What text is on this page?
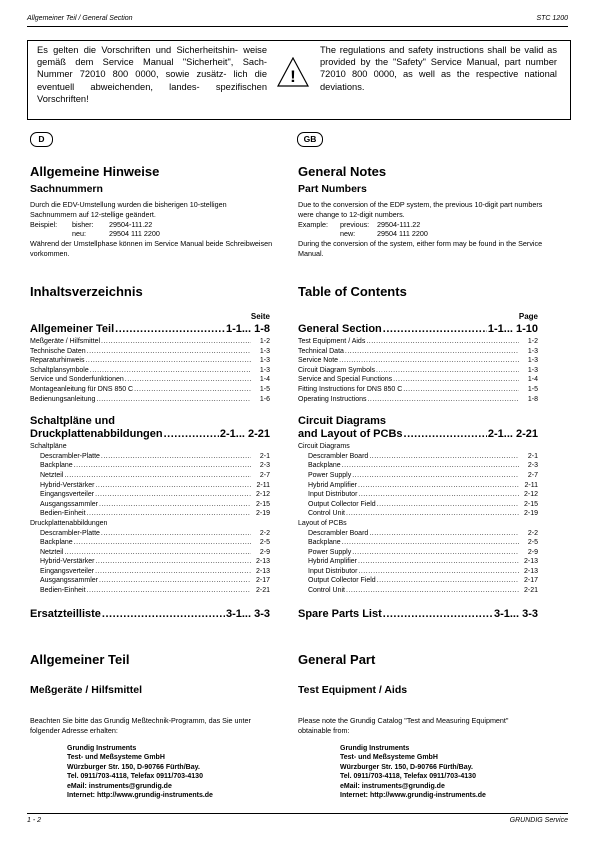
Allgemeiner Teil / General Section	STC 1200
Es gelten die Vorschriften und Sicherheitshin- weise gemäß dem Service Manual "Sicherheit", Sach-Nummer 72010 800 0000, sowie zusätz- lich die eventuell abweichenden, landes- spezifischen Vorschriften!
The regulations and safety instructions shall be valid as provided by the "Safety" Service Manual, part number 72010 800 0000, as well as the respective national deviations.
!
D	GB
Allgemeine Hinweise
Sachnummern
Durch die EDV-Umstellung wurden die bisherigen 10-stelligen Sachnummern auf 12-stellige geändert.
Beispiel:	bisher:	29504-111.22
neu:	29504 111 2200
Während der Umstellphase können im Service Manual beide Schreibweisen vorkommen.
Inhaltsverzeichnis
Seite
Allgemeiner Teil .....	1-1... 1-8
Meßgeräte / Hilfsmittel .....	1-2
Technische Daten .....	1-3
Reparaturhinweis .....	1-3
Schaltplansymbole .....	1-3
Service und Sonderfunktionen .....	1-4
Montageanleitung für DNS 850 C .....	1-5
Bedienungsanleitung .....	1-6
Schaltpläne und
Druckplattenabbildungen .....	2-1... 2-21
Schaltpläne
Descrambler-Platte .....	2-1
Backplane .....	2-3
Netzteil .....	2-7
Hybrid-Verstärker .....	2-11
Eingangsverteiler .....	2-12
Ausgangssammler .....	2-15
Bedien-Einheit .....	2-19
Druckplattenabbildungen
Descrambler-Platte .....	2-2
Backplane .....	2-5
Netzteil .....	2-9
Hybrid-Verstärker .....	2-13
Eingangsverteiler .....	2-13
Ausgangssammler .....	2-17
Bedien-Einheit .....	2-21
Ersatzteilliste .....	3-1... 3-3
Allgemeiner Teil
Meßgeräte / Hilfsmittel
Beachten Sie bitte das Grundig Meßtechnik-Programm, das Sie unter folgender Adresse erhalten:
Grundig Instruments
Test- und Meßsysteme GmbH
Würzburger Str. 150, D-90766 Fürth/Bay.
Tel. 0911/703-4118, Telefax 0911/703-4130
eMail: instruments@grundig.de
Internet: http://www.grundig-instruments.de
General Notes
Part Numbers
Due to the conversion of the EDP system, the previous 10-digit part numbers were change to 12-digit numbers.
Example:	previous:	29504-111.22
new:	29504 111 2200
During the conversion of the system, either form may be found in the Service Manual.
Table of Contents
Page
General Section .....	1-1... 1-10
Test Equipment / Aids .....	1-2
Technical Data .....	1-3
Service Note .....	1-3
Circuit Diagram Symbols .....	1-3
Service and Special Functions .....	1-4
Fitting Instructions for DNS 850 C .....	1-5
Operating Instructions .....	1-8
Circuit Diagrams
and Layout of PCBs .....	2-1... 2-21
Circuit Diagrams
Descrambler Board .....	2-1
Backplane .....	2-3
Power Supply .....	2-7
Hybrid Amplifier .....	2-11
Input Distributor .....	2-12
Output Collector Field .....	2-15
Control Unit .....	2-19
Layout of PCBs
Descrambler Board .....	2-2
Backplane .....	2-5
Power Supply .....	2-9
Hybrid Amplifier .....	2-13
Input Distributor .....	2-13
Output Collector Field .....	2-17
Control Unit .....	2-21
Spare Parts List .....	3-1... 3-3
General Part
Test Equipment / Aids
Please note the Grundig Catalog "Test and Measuring Equipment" obtainable from:
Grundig Instruments
Test- und Meßsysteme GmbH
Würzburger Str. 150, D-90766 Fürth/Bay.
Tel. 0911/703-4118, Telefax 0911/703-4130
eMail: instruments@grundig.de
Internet: http://www.grundig-instruments.de
1 - 2	GRUNDIG Service
